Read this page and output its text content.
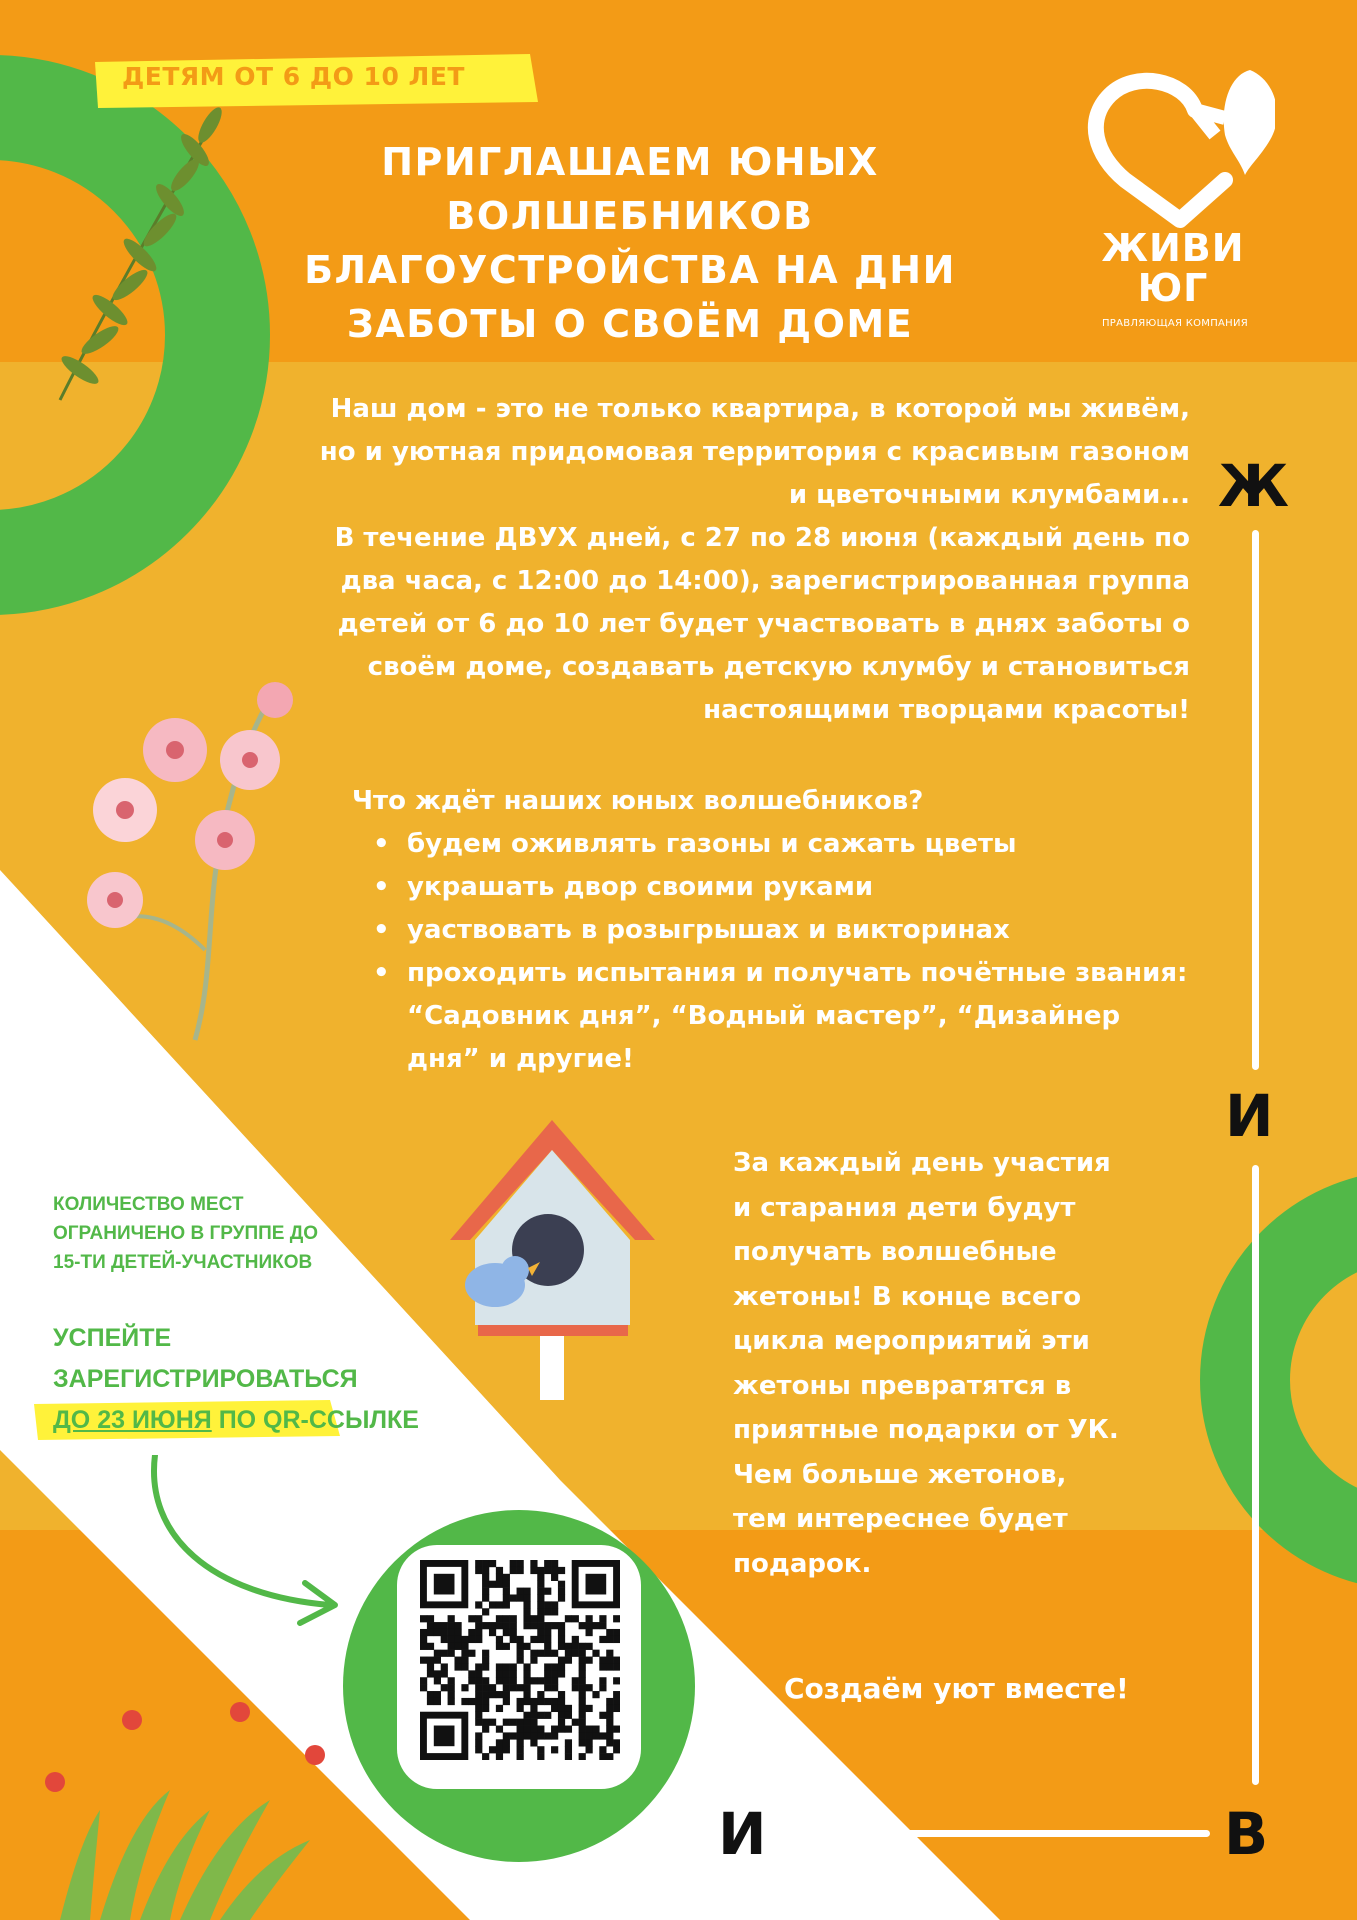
ДЕТЯМ ОТ 6 ДО 10 ЛЕТ
ПРИГЛАШАЕМ ЮНЫХ
ВОЛШЕБНИКОВ
БЛАГОУСТРОЙСТВА НА ДНИ
ЗАБОТЫ О СВОЁМ ДОМЕ
ЖИВИ
ЮГ
ПРАВЛЯЮЩАЯ КОМПАНИЯ
Наш дом - это не только квартира, в которой мы живём,
но и уютная придомовая территория с красивым газоном
и цветочными клумбами...
В течение ДВУХ дней, с 27 по 28 июня (каждый день по
два часа, с 12:00 до 14:00), зарегистрированная группа
детей от 6 до 10 лет будет участвовать в днях заботы о
своём доме, создавать детскую клумбу и становиться
настоящими творцами красоты!
Что ждёт наших юных волшебников?
• будем оживлять газоны и сажать цветы
• украшать двор своими руками
• уаствовать в розыгрышах и викторинах
• проходить испытания и получать почётные звания: “Садовник дня”, “Водный мастер”, “Дизайнер дня” и другие!
За каждый день участия
и старания дети будут
получать волшебные
жетоны! В конце всего
цикла мероприятий эти
жетоны превратятся в
приятные подарки от УК.
Чем больше жетонов,
тем интереснее будет
подарок.
Создаём уют вместе!
КОЛИЧЕСТВО МЕСТ
ОГРАНИЧЕНО В ГРУППЕ ДО
15-ТИ ДЕТЕЙ-УЧАСТНИКОВ
УСПЕЙТЕ
ЗАРЕГИСТРИРОВАТЬСЯ
ДО 23 ИЮНЯ ПО QR-ССЫЛКЕ
Ж
И
И	В
